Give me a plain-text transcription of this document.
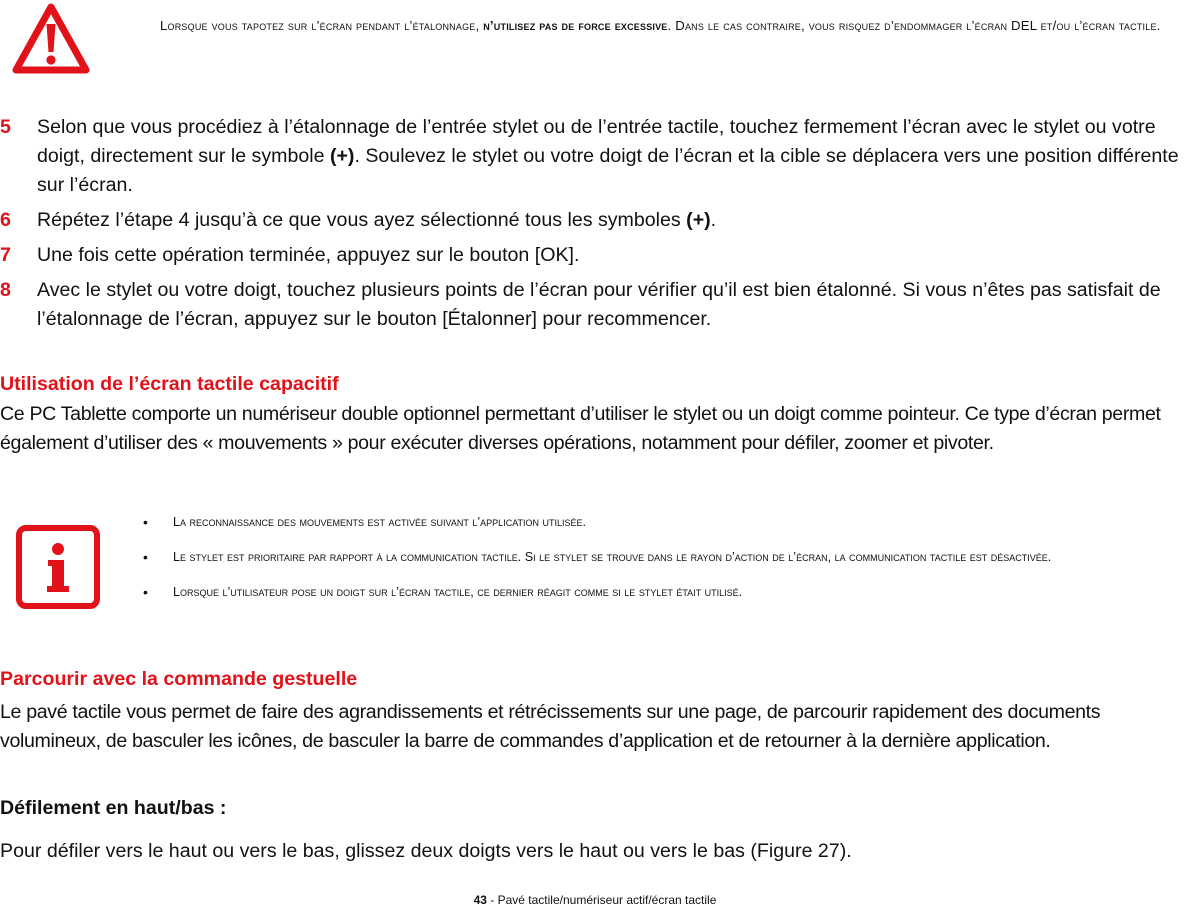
Lorsque vous tapotez sur l’écran pendant l’étalonnage, n’utilisez pas de force excessive. Dans le cas contraire, vous risquez d’endommager l’écran DEL et/ou l’écran tactile.
5	Selon que vous procédiez à l’étalonnage de l’entrée stylet ou de l’entrée tactile, touchez fermement l’écran avec le stylet ou votre doigt, directement sur le symbole (+). Soulevez le stylet ou votre doigt de l’écran et la cible se déplacera vers une position différente sur l’écran.
6	Répétez l’étape 4 jusqu’à ce que vous ayez sélectionné tous les symboles (+).
7	Une fois cette opération terminée, appuyez sur le bouton [OK].
8	Avec le stylet ou votre doigt, touchez plusieurs points de l’écran pour vérifier qu’il est bien étalonné. Si vous n’êtes pas satisfait de l’étalonnage de l’écran, appuyez sur le bouton [Étalonner] pour recommencer.
Utilisation de l’écran tactile capacitif
Ce PC Tablette comporte un numériseur double optionnel permettant d’utiliser le stylet ou un doigt comme pointeur. Ce type d’écran permet également d’utiliser des « mouvements » pour exécuter diverses opérations, notamment pour défiler, zoomer et pivoter.
•	La reconnaissance des mouvements est activée suivant l’application utilisée.
•	Le stylet est prioritaire par rapport à la communication tactile. Si le stylet se trouve dans le rayon d’action de l’écran, la communication tactile est désactivée.
•	Lorsque l’utilisateur pose un doigt sur l’écran tactile, ce dernier réagit comme si le stylet était utilisé.
Parcourir avec la commande gestuelle
Le pavé tactile vous permet de faire des agrandissements et rétrécissements sur une page, de parcourir rapidement des documents volumineux, de basculer les icônes, de basculer la barre de commandes d’application et de retourner à la dernière application.
Défilement en haut/bas :
Pour défiler vers le haut ou vers le bas, glissez deux doigts vers le haut ou vers le bas (Figure 27).
43 - Pavé tactile/numériseur actif/écran tactile
